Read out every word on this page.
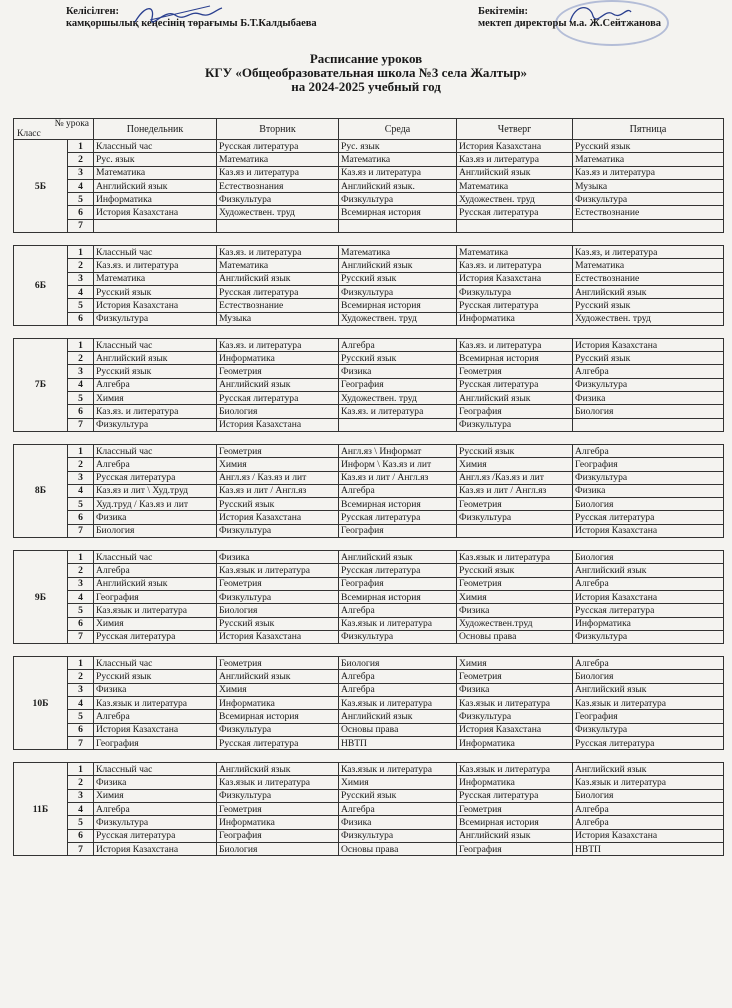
Келісілген:
камқоршылық кеңесінің төрағымы Б.Т.Калдыбаева
Бекітемін:
мектеп директоры м.а. Ж.Сейтжанова
Расписание уроков
КГУ «Общеобразовательная школа №3 села Жалтыр»
на 2024-2025 учебный год
№ урока
Класс		Понедельник	Вторник	Среда	Четверг	Пятница
5Б	1	Классный час	Русская литература	Рус. язык	История Казахстана	Русский язык
	2	Рус. язык	Математика	Математика	Каз.яз и литература	Математика
	3	Математика	Каз.яз и литература	Каз.яз и литература	Английский язык	Каз.яз и литература
	4	Английский язык	Естествознания	Английский язык.	Математика	Музыка
	5	Информатика	Физкультура	Физкультура	Художествен. труд	Физкультура
	6	История Казахстана	Художествен. труд	Всемирная история	Русская литература	Естествознание
	7					

6Б	1	Классный час	Каз.яз. и литература	Математика	Математика	Каз.яз, и литература
	2	Каз.яз. и литература	Математика	Английский язык	Каз.яз. и литература	Математика
	3	Математика	Английский язык	Русский язык	История Казахстана	Естествознание
	4	Русский язык	Русская литература	Физкультура	Физкультура	Английский язык
	5	История Казахстана	Естествознание	Всемирная история	Русская литература	Русский язык
	6	Физкультура	Музыка	Художествен. труд	Информатика	Художествен. труд

7Б	1	Классный час	Каз.яз. и литература	Алгебра	Каз.яз. и литература	История Казахстана
	2	Английский язык	Информатика	Русский язык	Всемирная история	Русский язык
	3	Русский язык	Геометрия	Физика	Геометрия	Алгебра
	4	Алгебра	Английский язык	География	Русская литература	Физкультура
	5	Химия	Русская литература	Художествен. труд	Английский язык	Физика
	6	Каз.яз. и литература	Биология	Каз.яз. и литература	География	Биология
	7	Физкультура	История Казахстана		Физкультура	

8Б	1	Классный час	Геометрия	Англ.яз \ Информат	Русский язык	Алгебра
	2	Алгебра	Химия	Информ \ Каз.яз и лит	Химия	География
	3	Русская литература	Англ.яз / Каз.яз и лит	Каз.яз и лит / Англ.яз	Англ.яз /Каз.яз и лит	Физкультура
	4	Каз.яз и лит \ Худ.труд	Каз.яз и лит / Англ.яз	Алгебра	Каз.яз и лит / Англ.яз	Физика
	5	Худ.труд / Каз.яз и лит	Русский язык	Всемирная история	Геометрия	Биология
	6	Физика	История Казахстана	Русская литература	Физкультура	Русская литература
	7	Биология	Физкультура	География		История Казахстана

9Б	1	Классный час	Физика	Английский язык	Каз.язык и литература	Биология
	2	Алгебра	Каз.язык и литература	Русская литература	Русский язык	Английский язык
	3	Английский язык	Геометрия	География	Геометрия	Алгебра
	4	География	Физкультура	Всемирная история	Химия	История Казахстана
	5	Каз.язык и литература	Биология	Алгебра	Физика	Русская литература
	6	Химия	Русский язык	Каз.язык и литература	Художествен.труд	Информатика
	7	Русская литература	История Казахстана	Физкультура	Основы права	Физкультура

10Б	1	Классный час	Геометрия	Биология	Химия	Алгебра
	2	Русский язык	Английский язык	Алгебра	Геометрия	Биология
	3	Физика	Химия	Алгебра	Физика	Английский язык
	4	Каз.язык и литература	Информатика	Каз.язык и литература	Каз.язык и литература	Каз.язык и литература
	5	Алгебра	Всемирная история	Английский язык	Физкультура	География
	6	История Казахстана	Физкультура	Основы права	История Казахстана	Физкультура
	7	География	Русская литература	НВТП	Информатика	Русская литература

11Б	1	Классный час	Английский язык	Каз.язык и литература	Каз.язык и литература	Английский язык
	2	Физика	Каз.язык и литература	Химия	Информатика	Каз.язык и литература
	3	Химия	Физкультура	Русский язык	Русская литература	Биология
	4	Алгебра	Геометрия	Алгебра	Геометрия	Алгебра
	5	Физкультура	Информатика	Физика	Всемирная история	Алгебра
	6	Русская литература	География	Физкультура	Английский язык	История Казахстана
	7	История Казахстана	Биология	Основы права	География	НВТП
